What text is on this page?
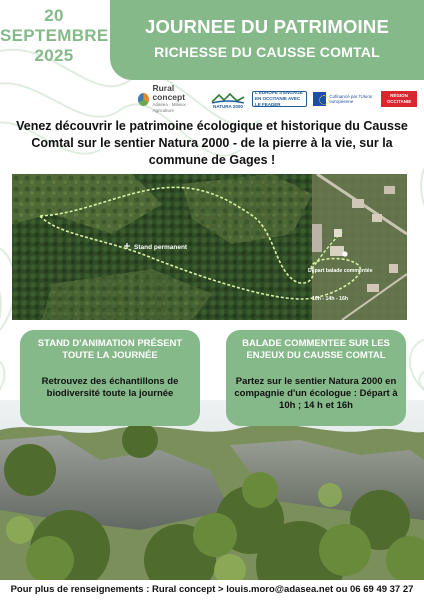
20
SEPTEMBRE
2025
JOURNEE DU PATRIMOINE
RICHESSE DU CAUSSE COMTAL
Rural concept
Adasea · Milieux · Agriculture
NATURA 2000
L'EUROPE S'ENGAGE EN OCCITANIE AVEC LE FEADER
Cofinancé par l'Union européenne
RÉGION OCCITANIE
Venez découvrir le patrimoine écologique et historique du Causse Comtal sur le sentier Natura 2000 - de la pierre à la vie, sur la commune de Gages !
Stand permanent
Départ balade commentée
10h - 14h - 16h
STAND D'ANIMATION PRÉSENT TOUTE LA JOURNÉE
Retrouvez des échantillons de biodiversité toute la journée
BALADE COMMENTEE SUR LES ENJEUX DU CAUSSE COMTAL
Partez sur le sentier Natura 2000 en compagnie d'un écologue : Départ à 10h ; 14 h et 16h
Pour plus de renseignements : Rural concept > louis.moro@adasea.net ou 06 69 49 37 27
